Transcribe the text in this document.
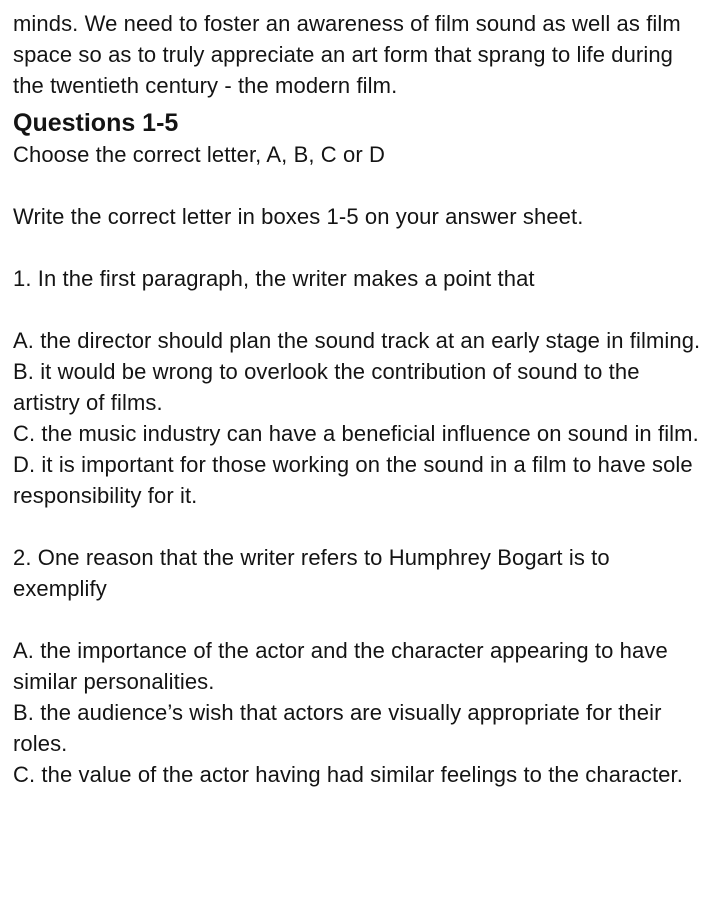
minds. We need to foster an awareness of film sound as well as film space so as to truly appreciate an art form that sprang to life during the twentieth century - the modern film.

Questions 1-5

Choose the correct letter, A, B, C or D

Write the correct letter in boxes 1-5 on your answer sheet.

1. In the first paragraph, the writer makes a point that

A. the director should plan the sound track at an early stage in filming.

B. it would be wrong to overlook the contribution of sound to the artistry of films.

C. the music industry can have a beneficial influence on sound in film.

D. it is important for those working on the sound in a film to have sole responsibility for it.

2. One reason that the writer refers to Humphrey Bogart is to exemplify

A. the importance of the actor and the character appearing to have similar personalities.

B. the audience’s wish that actors are visually appropriate for their roles.

C. the value of the actor having had similar feelings to the character.
